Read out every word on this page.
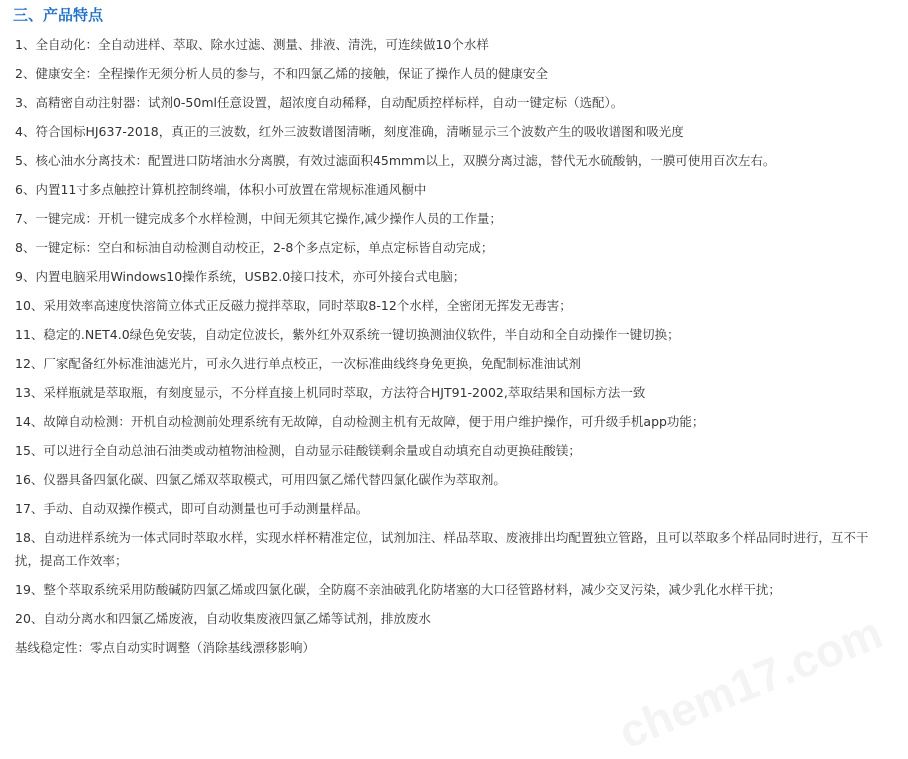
三、产品特点
1、全自动化：全自动进样、萃取、除水过滤、测量、排液、清洗，可连续做10个水样
2、健康安全：全程操作无须分析人员的参与，不和四氯乙烯的接触，保证了操作人员的健康安全
3、高精密自动注射器：试剂0-50ml任意设置，超浓度自动稀释，自动配质控样标样，自动一键定标（选配）。
4、符合国标HJ637-2018，真正的三波数，红外三波数谱图清晰，刻度准确，清晰显示三个波数产生的吸收谱图和吸光度
5、核心油水分离技术：配置进口防堵油水分离膜，有效过滤面积45mmm以上，双膜分离过滤，替代无水硫酸钠，一膜可使用百次左右。
6、内置11寸多点触控计算机控制终端，体积小可放置在常规标准通风橱中
7、一键完成：开机一键完成多个水样检测，中间无须其它操作,减少操作人员的工作量；
8、一键定标：空白和标油自动检测自动校正，2-8个多点定标，单点定标皆自动完成；
9、内置电脑采用Windows10操作系统，USB2.0接口技术，亦可外接台式电脑；
10、采用效率高速度快溶简立体式正反磁力搅拌萃取，同时萃取8-12个水样，全密闭无挥发无毒害；
11、稳定的.NET4.0绿色免安装，自动定位波长，紫外红外双系统一键切换测油仪软件，半自动和全自动操作一键切换；
12、厂家配备红外标准油滤光片，可永久进行单点校正，一次标准曲线终身免更换，免配制标准油试剂
13、采样瓶就是萃取瓶，有刻度显示，不分样直接上机同时萃取，方法符合HJT91-2002,萃取结果和国标方法一致
14、故障自动检测：开机自动检测前处理系统有无故障，自动检测主机有无故障，便于用户维护操作，可升级手机app功能；
15、可以进行全自动总油石油类或动植物油检测，自动显示硅酸镁剩余量或自动填充自动更换硅酸镁；
16、仪器具备四氯化碳、四氯乙烯双萃取模式，可用四氯乙烯代替四氯化碳作为萃取剂。
17、手动、自动双操作模式，即可自动测量也可手动测量样品。
18、自动进样系统为一体式同时萃取水样，实现水样杯精准定位，试剂加注、样品萃取、废液排出均配置独立管路，且可以萃取多个样品同时进行，互不干扰，提高工作效率；
19、整个萃取系统采用防酸碱防四氯乙烯或四氯化碳，全防腐不亲油破乳化防堵塞的大口径管路材料，减少交叉污染，减少乳化水样干扰；
20、自动分离水和四氯乙烯废液，自动收集废液四氯乙烯等试剂，排放废水
基线稳定性：零点自动实时调整（消除基线漂移影响）	chem17.com
